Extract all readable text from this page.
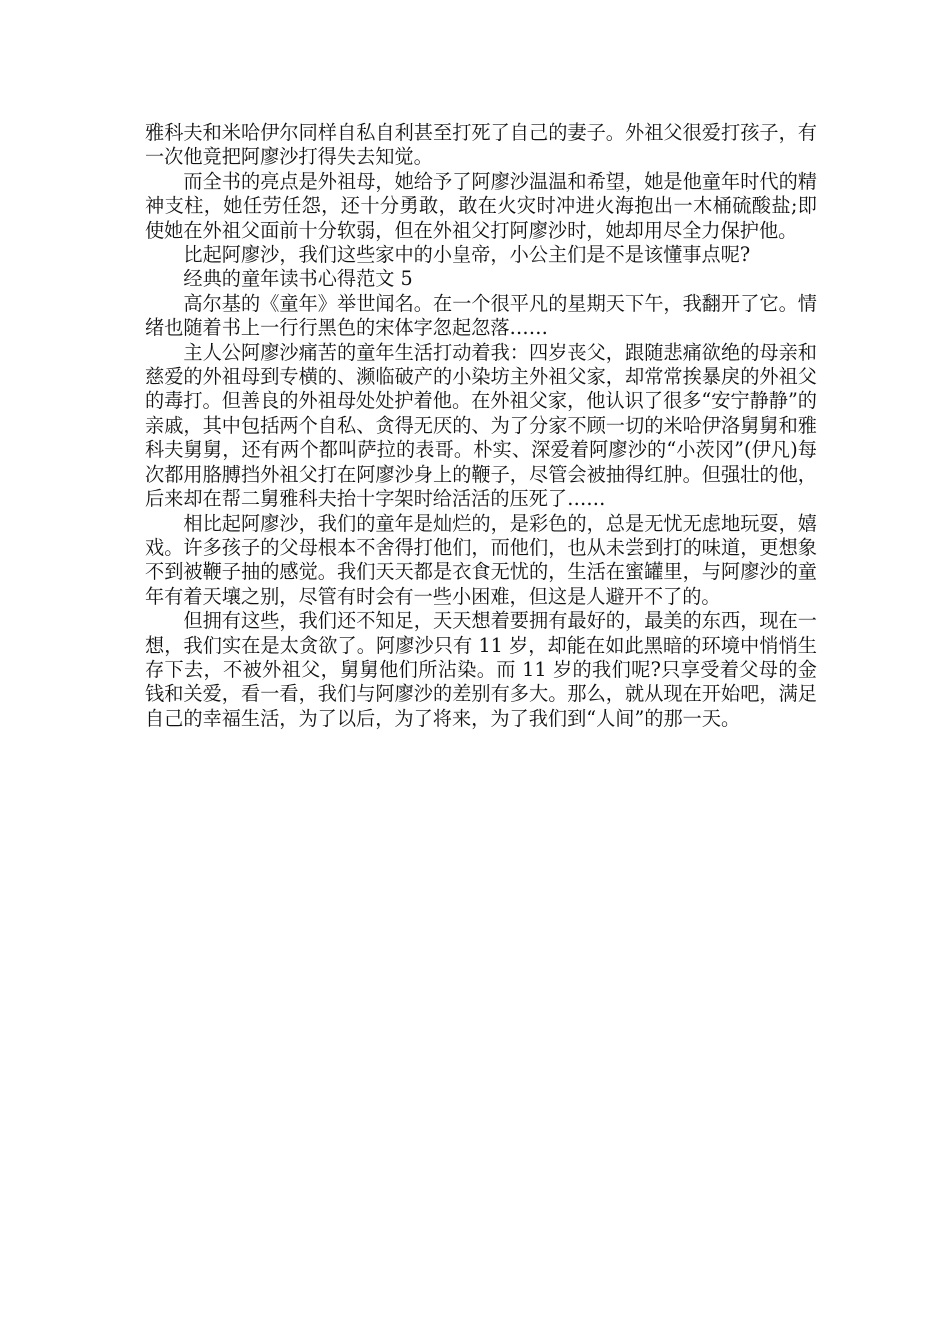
雅科夫和米哈伊尔同样自私自利甚至打死了自己的妻子。外祖父很爱打孩子，有一次他竟把阿廖沙打得失去知觉。

而全书的亮点是外祖母，她给予了阿廖沙温温和希望，她是他童年时代的精神支柱，她任劳任怨，还十分勇敢，敢在火灾时冲进火海抱出一木桶硫酸盐;即使她在外祖父面前十分软弱，但在外祖父打阿廖沙时，她却用尽全力保护他。

比起阿廖沙，我们这些家中的小皇帝，小公主们是不是该懂事点呢?

经典的童年读书心得范文 5

高尔基的《童年》举世闻名。在一个很平凡的星期天下午，我翻开了它。情绪也随着书上一行行黑色的宋体字忽起忽落……

主人公阿廖沙痛苦的童年生活打动着我：四岁丧父，跟随悲痛欲绝的母亲和慈爱的外祖母到专横的、濒临破产的小染坊主外祖父家，却常常挨暴戾的外祖父的毒打。但善良的外祖母处处护着他。在外祖父家，他认识了很多“安宁静静”的亲戚，其中包括两个自私、贪得无厌的、为了分家不顾一切的米哈伊洛舅舅和雅科夫舅舅，还有两个都叫萨拉的表哥。朴实、深爱着阿廖沙的“小茨冈”(伊凡)每次都用胳膊挡外祖父打在阿廖沙身上的鞭子，尽管会被抽得红肿。但强壮的他，后来却在帮二舅雅科夫抬十字架时给活活的压死了……

相比起阿廖沙，我们的童年是灿烂的，是彩色的，总是无忧无虑地玩耍，嬉戏。许多孩子的父母根本不舍得打他们，而他们，也从未尝到打的味道，更想象不到被鞭子抽的感觉。我们天天都是衣食无忧的，生活在蜜罐里，与阿廖沙的童年有着天壤之别，尽管有时会有一些小困难，但这是人避开不了的。

但拥有这些，我们还不知足，天天想着要拥有最好的，最美的东西，现在一想，我们实在是太贪欲了。阿廖沙只有 11 岁，却能在如此黑暗的环境中悄悄生存下去，不被外祖父，舅舅他们所沾染。而 11 岁的我们呢?只享受着父母的金钱和关爱，看一看，我们与阿廖沙的差别有多大。那么，就从现在开始吧，满足自己的幸福生活，为了以后，为了将来，为了我们到“人间”的那一天。
